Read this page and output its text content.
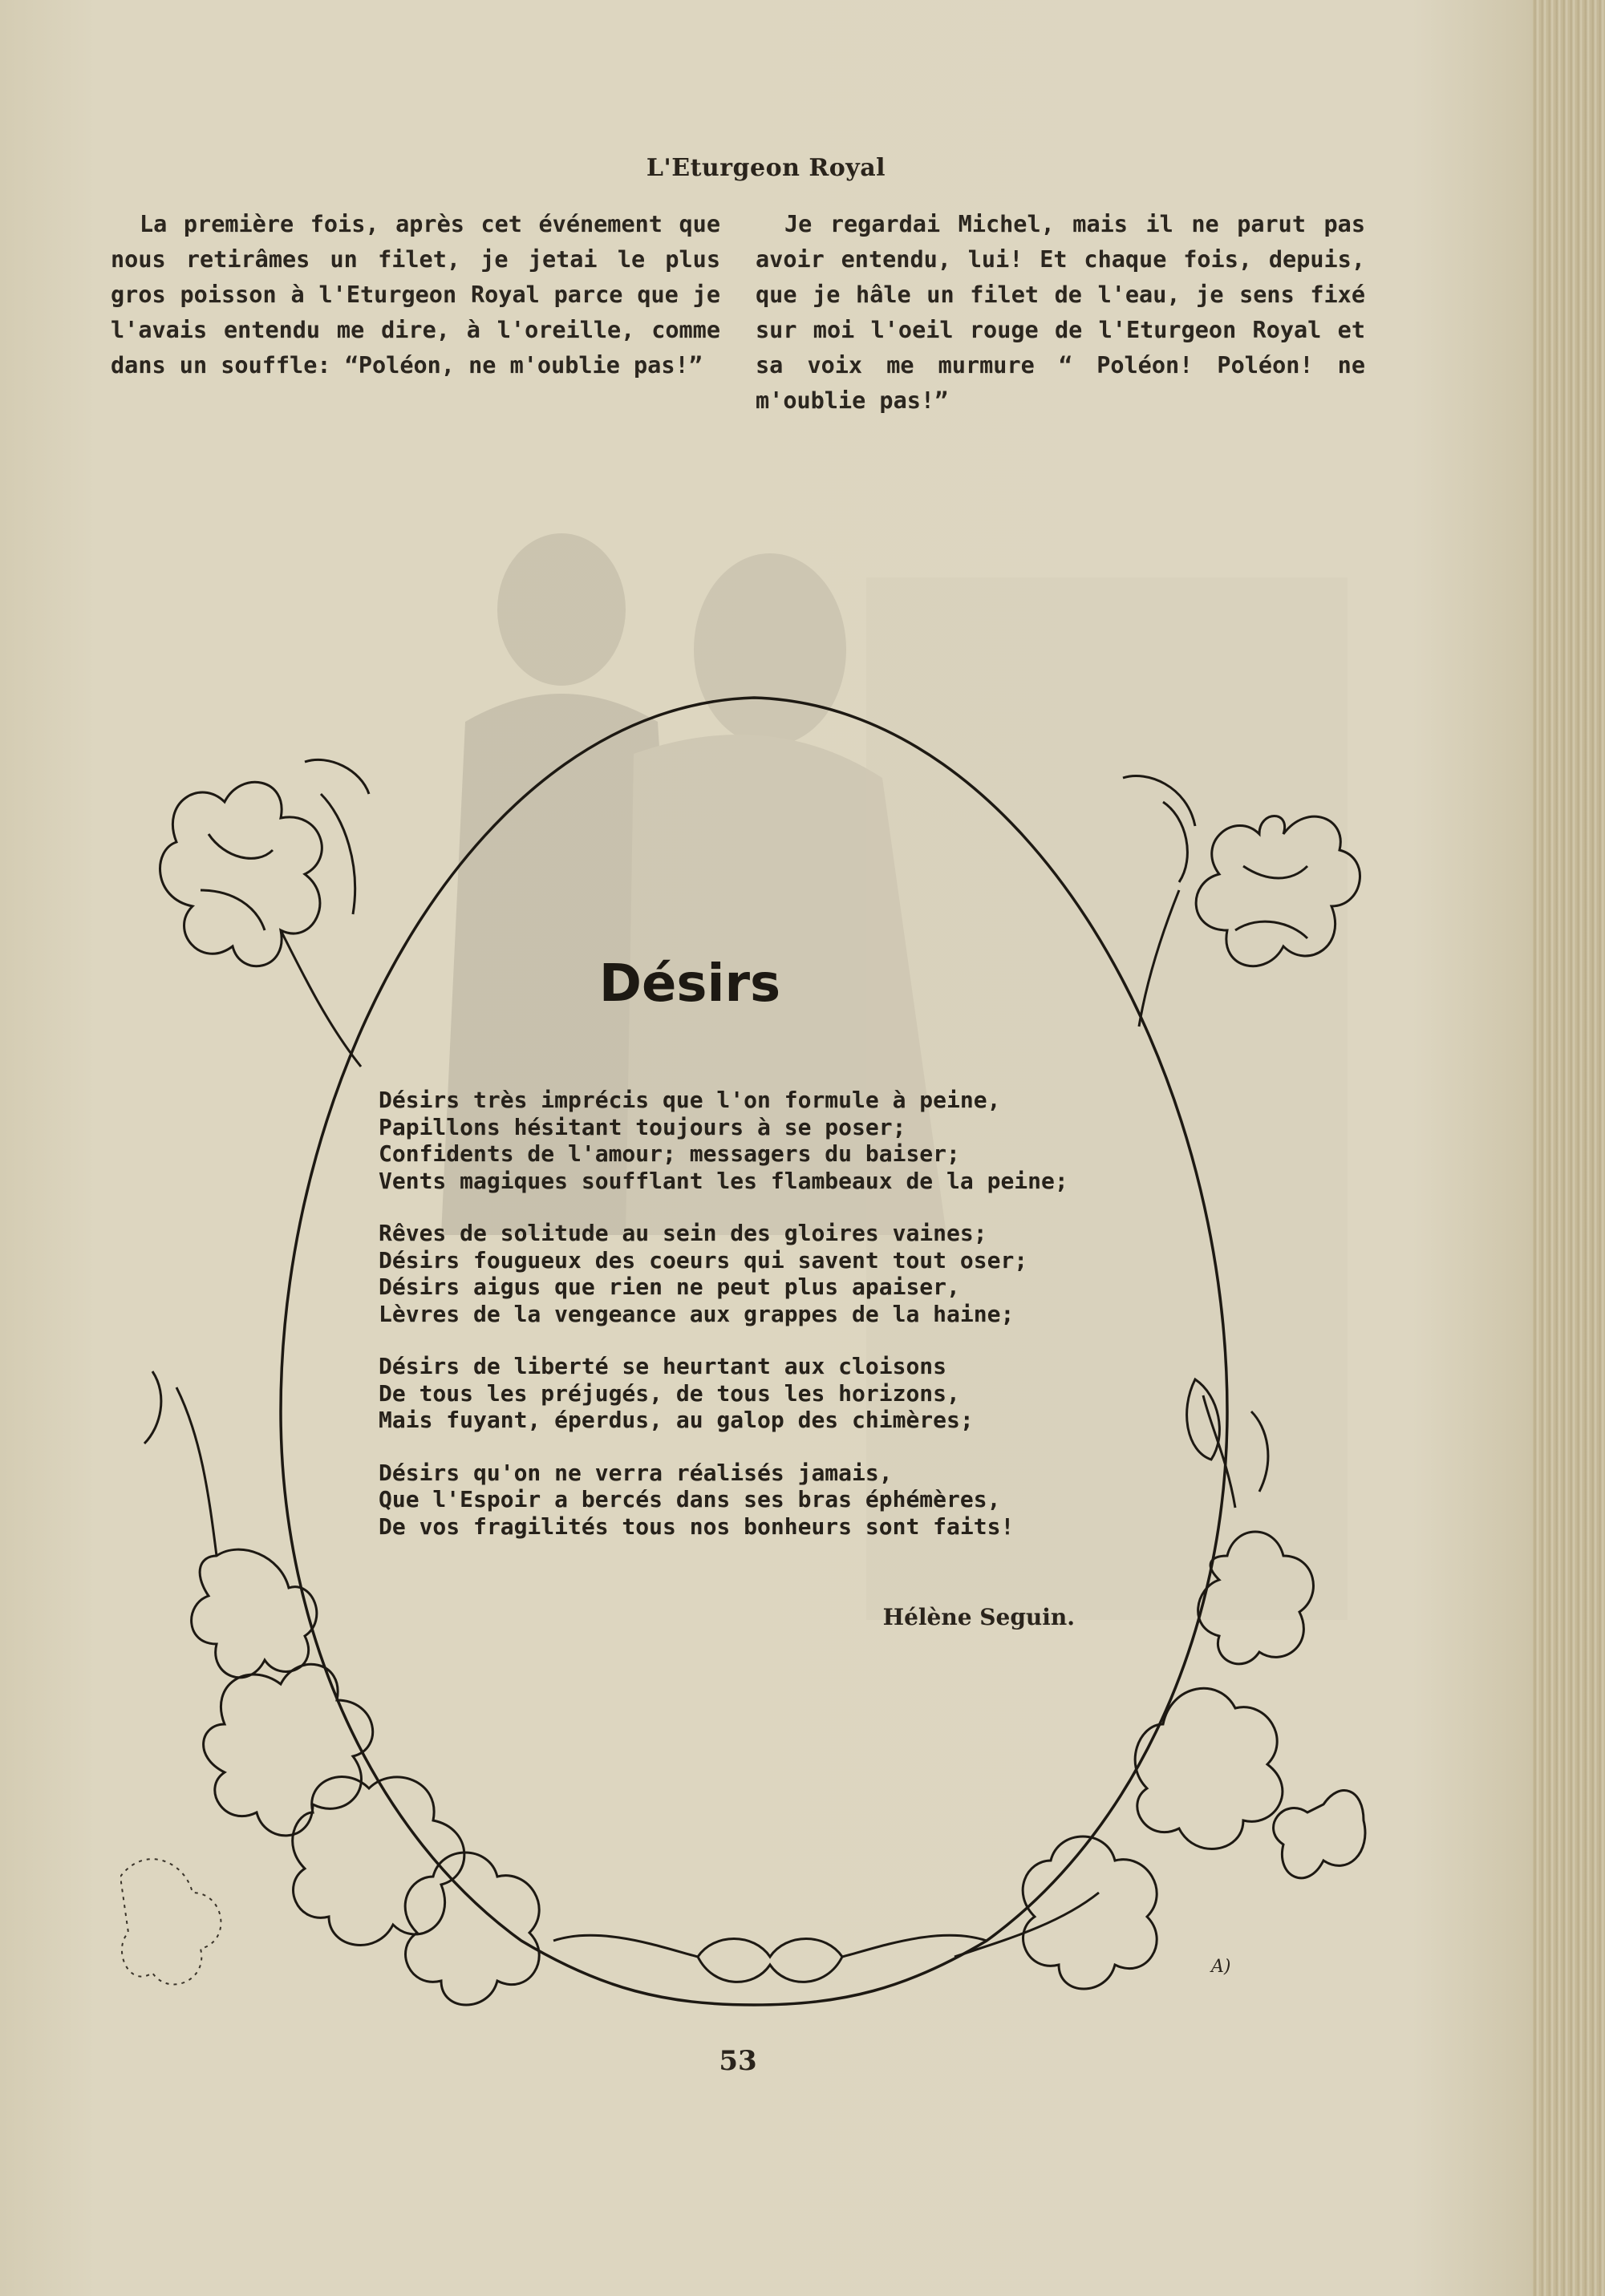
L'Eturgeon Royal

La première fois, après cet événement que nous retirâmes un filet, je jetai le plus gros poisson à l'Eturgeon Royal parce que je l'avais entendu me dire, à l'oreille, comme dans un souffle: “Poléon, ne m'oublie pas!”

Je regardai Michel, mais il ne parut pas avoir entendu, lui! Et chaque fois, depuis, que je hâle un filet de l'eau, je sens fixé sur moi l'oeil rouge de l'Eturgeon Royal et sa voix me murmure “ Poléon! Poléon! ne m'oublie pas!”

Désirs
Désirs très imprécis que l'on formule à peine,
Papillons hésitant toujours à se poser;
Confidents de l'amour; messagers du baiser;
Vents magiques soufflant les flambeaux de la peine;
Rêves de solitude au sein des gloires vaines;
Désirs fougueux des coeurs qui savent tout oser;
Désirs aigus que rien ne peut plus apaiser,
Lèvres de la vengeance aux grappes de la haine;
Désirs de liberté se heurtant aux cloisons
De tous les préjugés, de tous les horizons,
Mais fuyant, éperdus, au galop des chimères;
Désirs qu'on ne verra réalisés jamais,
Que l'Espoir a bercés dans ses bras éphémères,
De vos fragilités tous nos bonheurs sont faits!
Hélène Seguin.
A)
53
